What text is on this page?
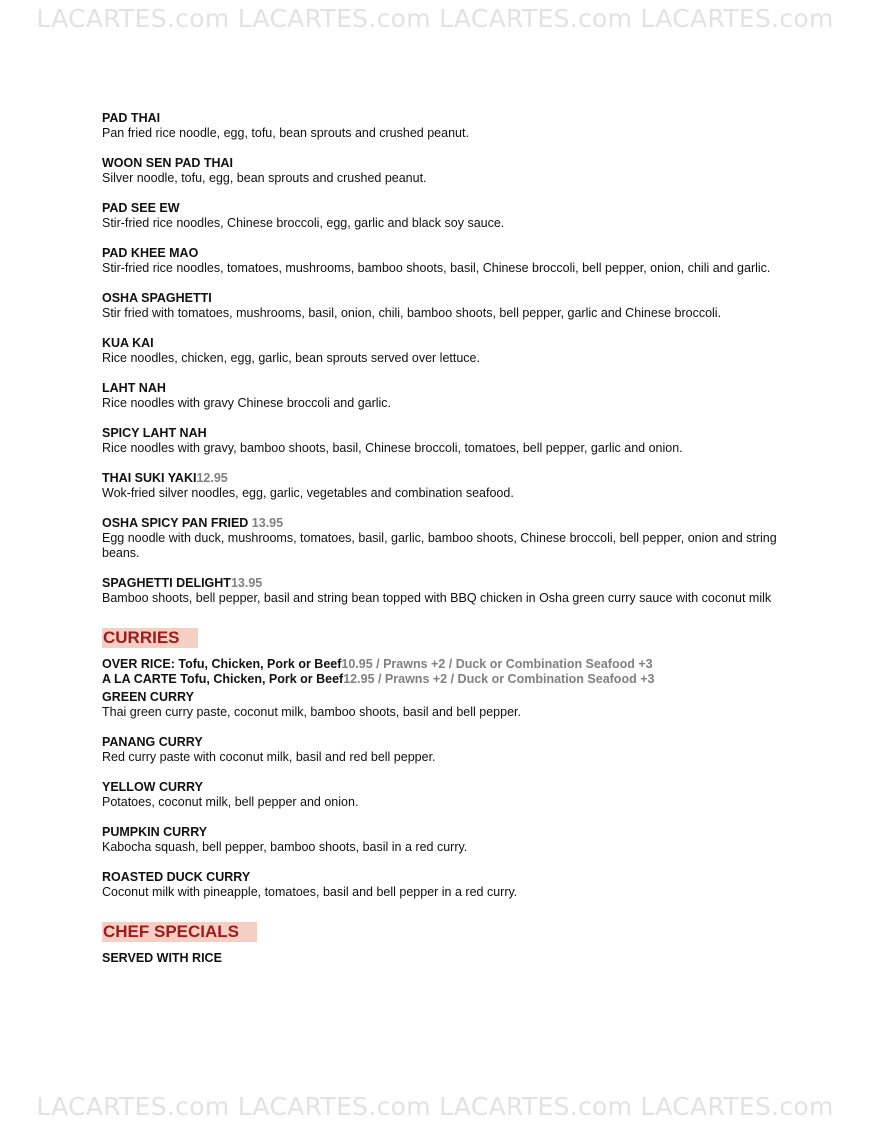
LACARTES.com LACARTES.com LACARTES.com LACARTES.com
PAD THAI
Pan fried rice noodle, egg, tofu, bean sprouts and crushed peanut.
WOON SEN PAD THAI
Silver noodle, tofu, egg, bean sprouts and crushed peanut.
PAD SEE EW
Stir-fried rice noodles, Chinese broccoli, egg, garlic and black soy sauce.
PAD KHEE MAO
Stir-fried rice noodles, tomatoes, mushrooms, bamboo shoots, basil, Chinese broccoli, bell pepper, onion, chili and garlic.
OSHA SPAGHETTI
Stir fried with tomatoes, mushrooms, basil, onion, chili, bamboo shoots, bell pepper, garlic and Chinese broccoli.
KUA KAI
Rice noodles, chicken, egg, garlic, bean sprouts served over lettuce.
LAHT NAH
Rice noodles with gravy Chinese broccoli and garlic.
SPICY LAHT NAH
Rice noodles with gravy, bamboo shoots, basil, Chinese broccoli, tomatoes, bell pepper, garlic and onion.
THAI SUKI YAKI12.95
Wok-fried silver noodles, egg, garlic, vegetables and combination seafood.
OSHA SPICY PAN FRIED 13.95
Egg noodle with duck, mushrooms, tomatoes, basil, garlic, bamboo shoots, Chinese broccoli, bell pepper, onion and string beans.
SPAGHETTI DELIGHT13.95
Bamboo shoots, bell pepper, basil and string bean topped with BBQ chicken in Osha green curry sauce with coconut milk
CURRIES
OVER RICE: Tofu, Chicken, Pork or Beef10.95 / Prawns +2 / Duck or Combination Seafood +3
A LA CARTE Tofu, Chicken, Pork or Beef12.95 / Prawns +2 / Duck or Combination Seafood +3
GREEN CURRY
Thai green curry paste, coconut milk, bamboo shoots, basil and bell pepper.
PANANG CURRY
Red curry paste with coconut milk, basil and red bell pepper.
YELLOW CURRY
Potatoes, coconut milk, bell pepper and onion.
PUMPKIN CURRY
Kabocha squash, bell pepper, bamboo shoots, basil in a red curry.
ROASTED DUCK CURRY
Coconut milk with pineapple, tomatoes, basil and bell pepper in a red curry.
CHEF SPECIALS
SERVED WITH RICE
LACARTES.com LACARTES.com LACARTES.com LACARTES.com
